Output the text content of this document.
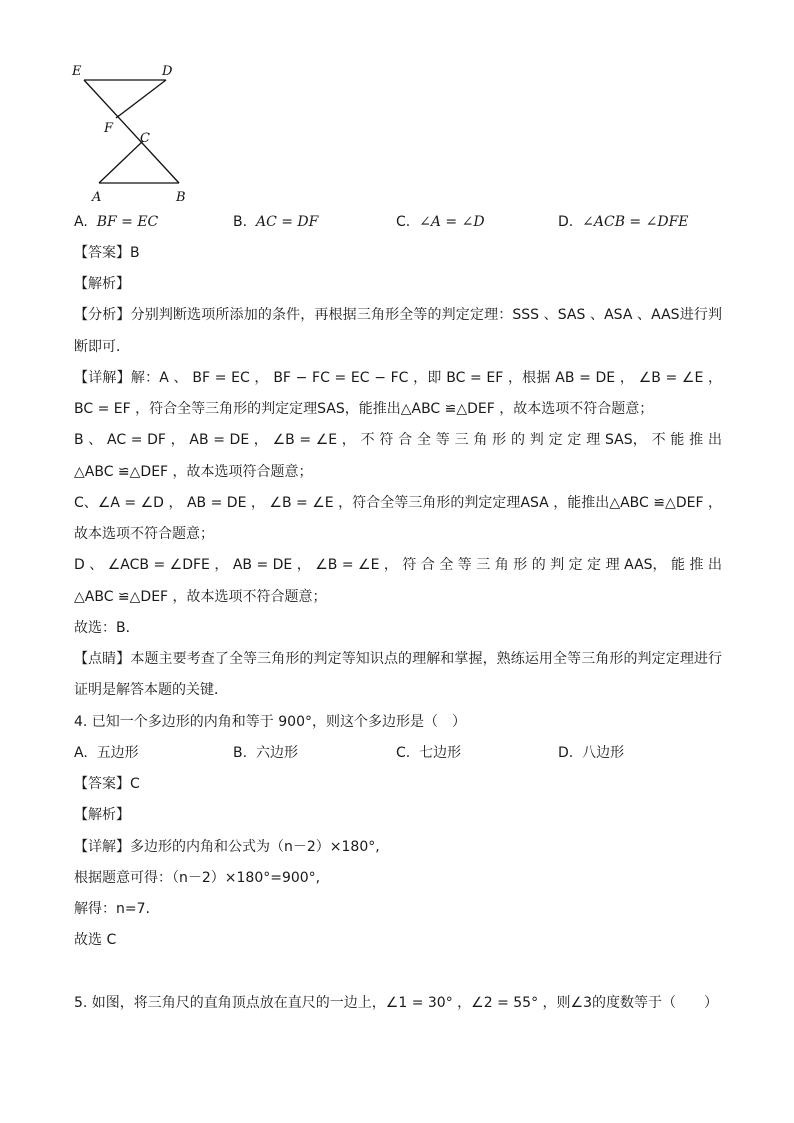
E	D
F
C
A	B
A. BF = EC	B. AC = DF	C. ∠A = ∠D	D. ∠ACB = ∠DFE
【答案】B
【解析】
【分析】分别判断选项所添加的条件，再根据三角形全等的判定定理：SSS 、SAS 、ASA 、AAS进行判
断即可．
【详解】解：A 、 BF = EC ， BF − FC = EC − FC ，即 BC = EF ，根据 AB = DE ， ∠B = ∠E ，
BC = EF ，符合全等三角形的判定定理SAS，能推出△ABC ≌△DEF ，故本选项不符合题意；
B 、 AC = DF ， AB = DE ， ∠B = ∠E ， 不 符 合 全 等 三 角 形 的 判 定 定 理 SAS， 不 能 推 出
△ABC ≌△DEF ，故本选项符合题意；
C、∠A = ∠D ， AB = DE ， ∠B = ∠E ，符合全等三角形的判定定理ASA ，能推出△ABC ≌△DEF ，
故本选项不符合题意；
D 、 ∠ACB = ∠DFE ， AB = DE ， ∠B = ∠E ， 符 合 全 等 三 角 形 的 判 定 定 理 AAS， 能 推 出
△ABC ≌△DEF ，故本选项不符合题意；
故选：B．
【点睛】本题主要考查了全等三角形的判定等知识点的理解和掌握，熟练运用全等三角形的判定定理进行
证明是解答本题的关键．
4. 已知一个多边形的内角和等于 900°，则这个多边形是（　）
A. 五边形	B. 六边形	C. 七边形	D. 八边形
【答案】C
【解析】
【详解】多边形的内角和公式为（n－2）×180°,
根据题意可得：（n－2）×180°=900°,
解得：n=7.
故选 C
5. 如图，将三角尺的直角顶点放在直尺的一边上，∠1 = 30° ，∠2 = 55° ，则∠3的度数等于（　　）
